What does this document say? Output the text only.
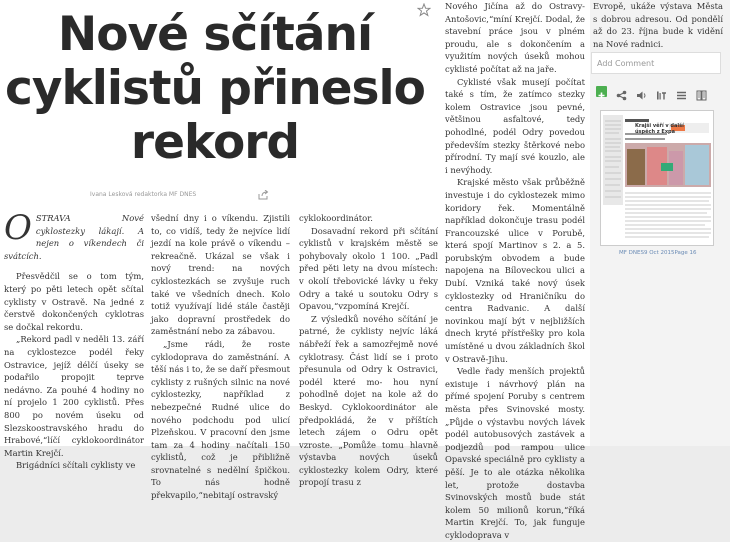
Nové sčítání cyklistů přineslo rekord
Ivana Lesková redaktorka MF DNES

OSTRAVA Nové cyklostezky lákají. A nejen o víkendech či svátcích.

Přesvědčil se o tom tým, který po pěti letech opět sčítal cyklisty v Ostravě. Na jedné z čerstvě dokončených cyklotras se dočkal rekordu.

„Rekord padl v neděli 13. září na cyklostezce podél řeky Ostravice, jejíž délčí úseky se podařilo propojit teprve nedávno. Za pouhé 4 hodiny no ní projelo 1 200 cyklistů. Přes 800 po novém úseku od Slezskoostravského hradu do Hrabové,“líčí cyklokoordinátor Martin Krejčí.

Brigádníci sčítali cyklisty ve

všední dny i o víkendu. Zjistili to, co vidíš, tedy že nejvíce lidí jezdí na kole právě o víkendu – rekreačně. Ukázal se však i nový trend: na nových cyklostezkách se zvyšuje ruch také ve všedních dnech. Kolo totiž využívají lidé stále častěji jako dopravní prostředek do zaměstnání nebo za zábavou.

„Jsme rádi, že roste cyklodoprava do zaměstnání. A těší nás i to, že se daří přesmout cyklisty z rušných silnic na nové cyklostezky, například z nebezpečné Rudné ulice do nového podchodu pod ulicí Plzeňskou. V pracovní den jsme tam za 4 hodiny načítali 150 cyklistů, což je přibližně srovnatelné s nedělní špičkou. To nás hodně překvapilo,“nebitají ostravský

cyklokoordinátor.

Dosavadní rekord při sčítání cyklistů v krajském městě se pohybovaly okolo 1 100. „Padl před pěti lety na dvou místech: v okolí třebovické lávky u řeky Odry a také u soutoku Odry s Opavou,“vzpomíná Krejčí.

Z výsledků nového sčítání je patrné, že cyklisty nejvíc láká nábřeží řek a samozřejmě nové cyklotrasy. Část lidí se i proto přesunula od Odry k Ostravici, podél které mo- hou nyní pohodlně dojet na kole až do Beskyd. Cyklokoordinátor ale předpokládá, že v příštích letech zájem o Odru opět vzroste. „Pomůže tomu hlavně výstavba nových úseků cyklostezky kolem Odry, které propojí trasu z

Nového Jičína až do Ostravy-Antošovic,“míní Krejčí. Dodal, že stavební práce jsou v plném proudu, ale s dokončením a využitím nových úseků mohou cyklisté počítat až na jaře.

Cyklisté však musejí počítat také s tím, že zatímco stezky kolem Ostravice jsou pevné, většinou asfaltové, tedy pohodlné, podél Odry povedou především stezky štěrkové nebo přírodní. Ty mají své kouzlo, ale i nevýhody.

Krajské město však průběžně investuje i do cyklostezek mimo koridory řek. Momentálně například dokončuje trasu podél Francouzské ulice v Porubě, která spojí Martinov s 2. a 5. porubským obvodem a bude napojena na Bíloveckou ulici a Dubí. Vzniká také nový úsek cyklostezky od Hraničníku do centra Radvanic. A další novinkou mají být v nejbližších dnech kryté přístřešky pro kola umístěné u dvou základních škol v Ostravě-Jihu.

Vedle řady menších projektů existuje i návrhový plán na přímé spojení Poruby s centrem města přes Svinovské mosty. „Půjde o výstavbu nových lávek podél autobusových zastávek a podjezdů pod rampou ulice Opavské speciálně pro cyklisty a pěší. Je to ale otázka několika let, protože dostavba Svinovských mostů bude stát kolem 50 milionů korun,“říká Martin Krejčí. To, jak funguje cyklodoprava v

Evropě, ukáže výstava Města s dobrou adresou. Od pondělí až do 23. října bude k vidění na Nové radnici.

Add Comment
Krajši věří v další úspěch z Expa
MF DNES9 Oct 2015Page 16
